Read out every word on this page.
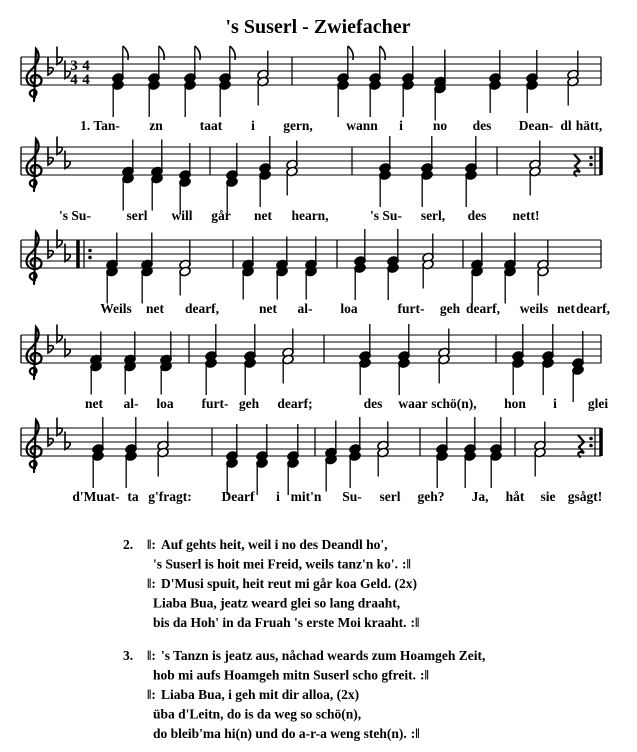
's Suserl - Zwiefacher
3
4
4
4
1. Tan- zn	taat i gern, wann i no des Dean- dl hätt,
's Su-	serl will går net hearn,	's Su- serl, des nett!
Weils net dearf,	net al- loa	furt- geh dearf, weils net dearf,
net al- loa furt- geh dearf;	des waar schö(n), hon i glei
d'Muat- ta g'fragt: Dearf i mit'n Su- serl geh? Ja, håt sie gsågt!
2. ‖: Auf gehts heit, weil i no des Deandl ho',
's Suserl is hoit mei Freid, weils tanz'n ko'. :‖
‖: D'Musi spuit, heit reut mi går koa Geld. (2x)
Liaba Bua, jeatz weard glei so lang draaht,
bis da Hoh' in da Fruah 's erste Moi kraaht. :‖
3. ‖: 's Tanzn is jeatz aus, nåchad weards zum Hoamgeh Zeit,
hob mi aufs Hoamgeh mitn Suserl scho gfreit. :‖
‖: Liaba Bua, i geh mit dir alloa, (2x)
üba d'Leitn, do is da weg so schö(n),
do bleib'ma hi(n) und do a-r-a weng steh(n). :‖
